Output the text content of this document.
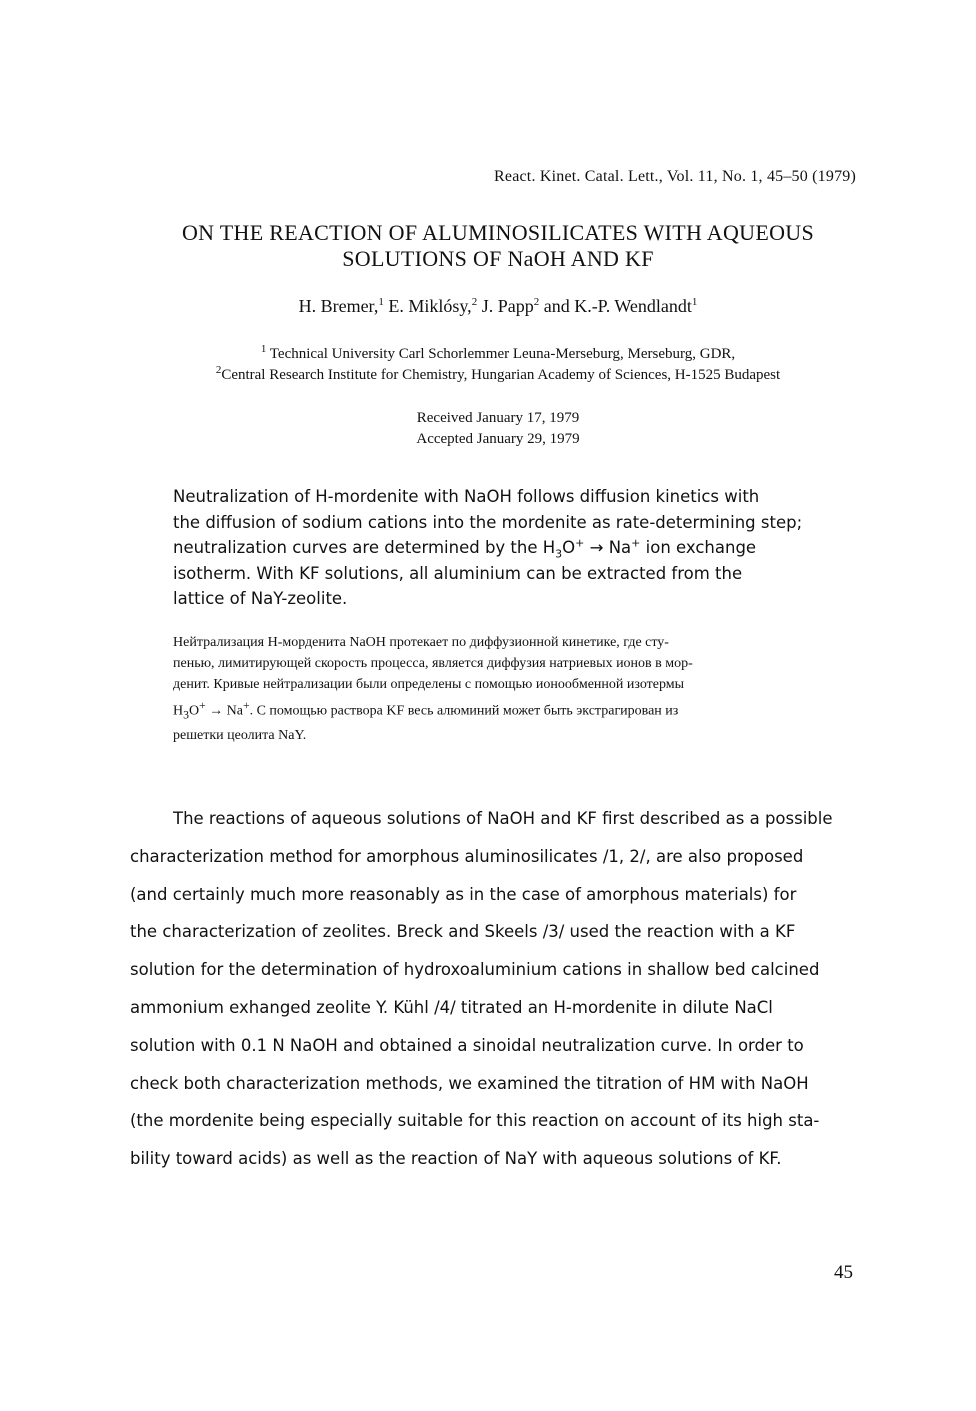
React. Kinet. Catal. Lett., Vol. 11, No. 1, 45–50 (1979)
ON THE REACTION OF ALUMINOSILICATES WITH AQUEOUS
SOLUTIONS OF NaOH AND KF
H. Bremer,$^1$ E. Miklósy,$^2$ J. Papp$^2$ and K.-P. Wendlandt$^1$
$^1$ Technical University Carl Schorlemmer Leuna-Merseburg, Merseburg, GDR,
$^2$Central Research Institute for Chemistry, Hungarian Academy of Sciences, H-1525 Budapest
Received January 17, 1979
Accepted January 29, 1979
Neutralization of H-mordenite with NaOH follows diffusion kinetics with
the diffusion of sodium cations into the mordenite as rate-determining step;
neutralization curves are determined by the $H_3O^+ \to Na^+$ ion exchange
isotherm. With KF solutions, all aluminium can be extracted from the
lattice of NaY-zeolite.
Нейтрализация H-морденита NaOH протекает по диффузионной кинетике, где сту-
пенью, лимитирующей скорость процесса, является диффузия натриевых ионов в мор-
денит. Кривые нейтрализации были определены с помощью ионообменной изотермы
$H_3O^+ \to Na^+$. С помощью раствора KF весь алюминий может быть экстрагирован из
решетки цеолита NaY.
The reactions of aqueous solutions of NaOH and KF first described as a possible
characterization method for amorphous aluminosilicates /1, 2/, are also proposed
(and certainly much more reasonably as in the case of amorphous materials) for
the characterization of zeolites. Breck and Skeels /3/ used the reaction with a KF
solution for the determination of hydroxoaluminium cations in shallow bed calcined
ammonium exhanged zeolite Y. Kühl /4/ titrated an H-mordenite in dilute NaCl
solution with 0.1 N NaOH and obtained a sinoidal neutralization curve. In order to
check both characterization methods, we examined the titration of HM with NaOH
(the mordenite being especially suitable for this reaction on account of its high sta-
bility toward acids) as well as the reaction of NaY with aqueous solutions of KF.
45
